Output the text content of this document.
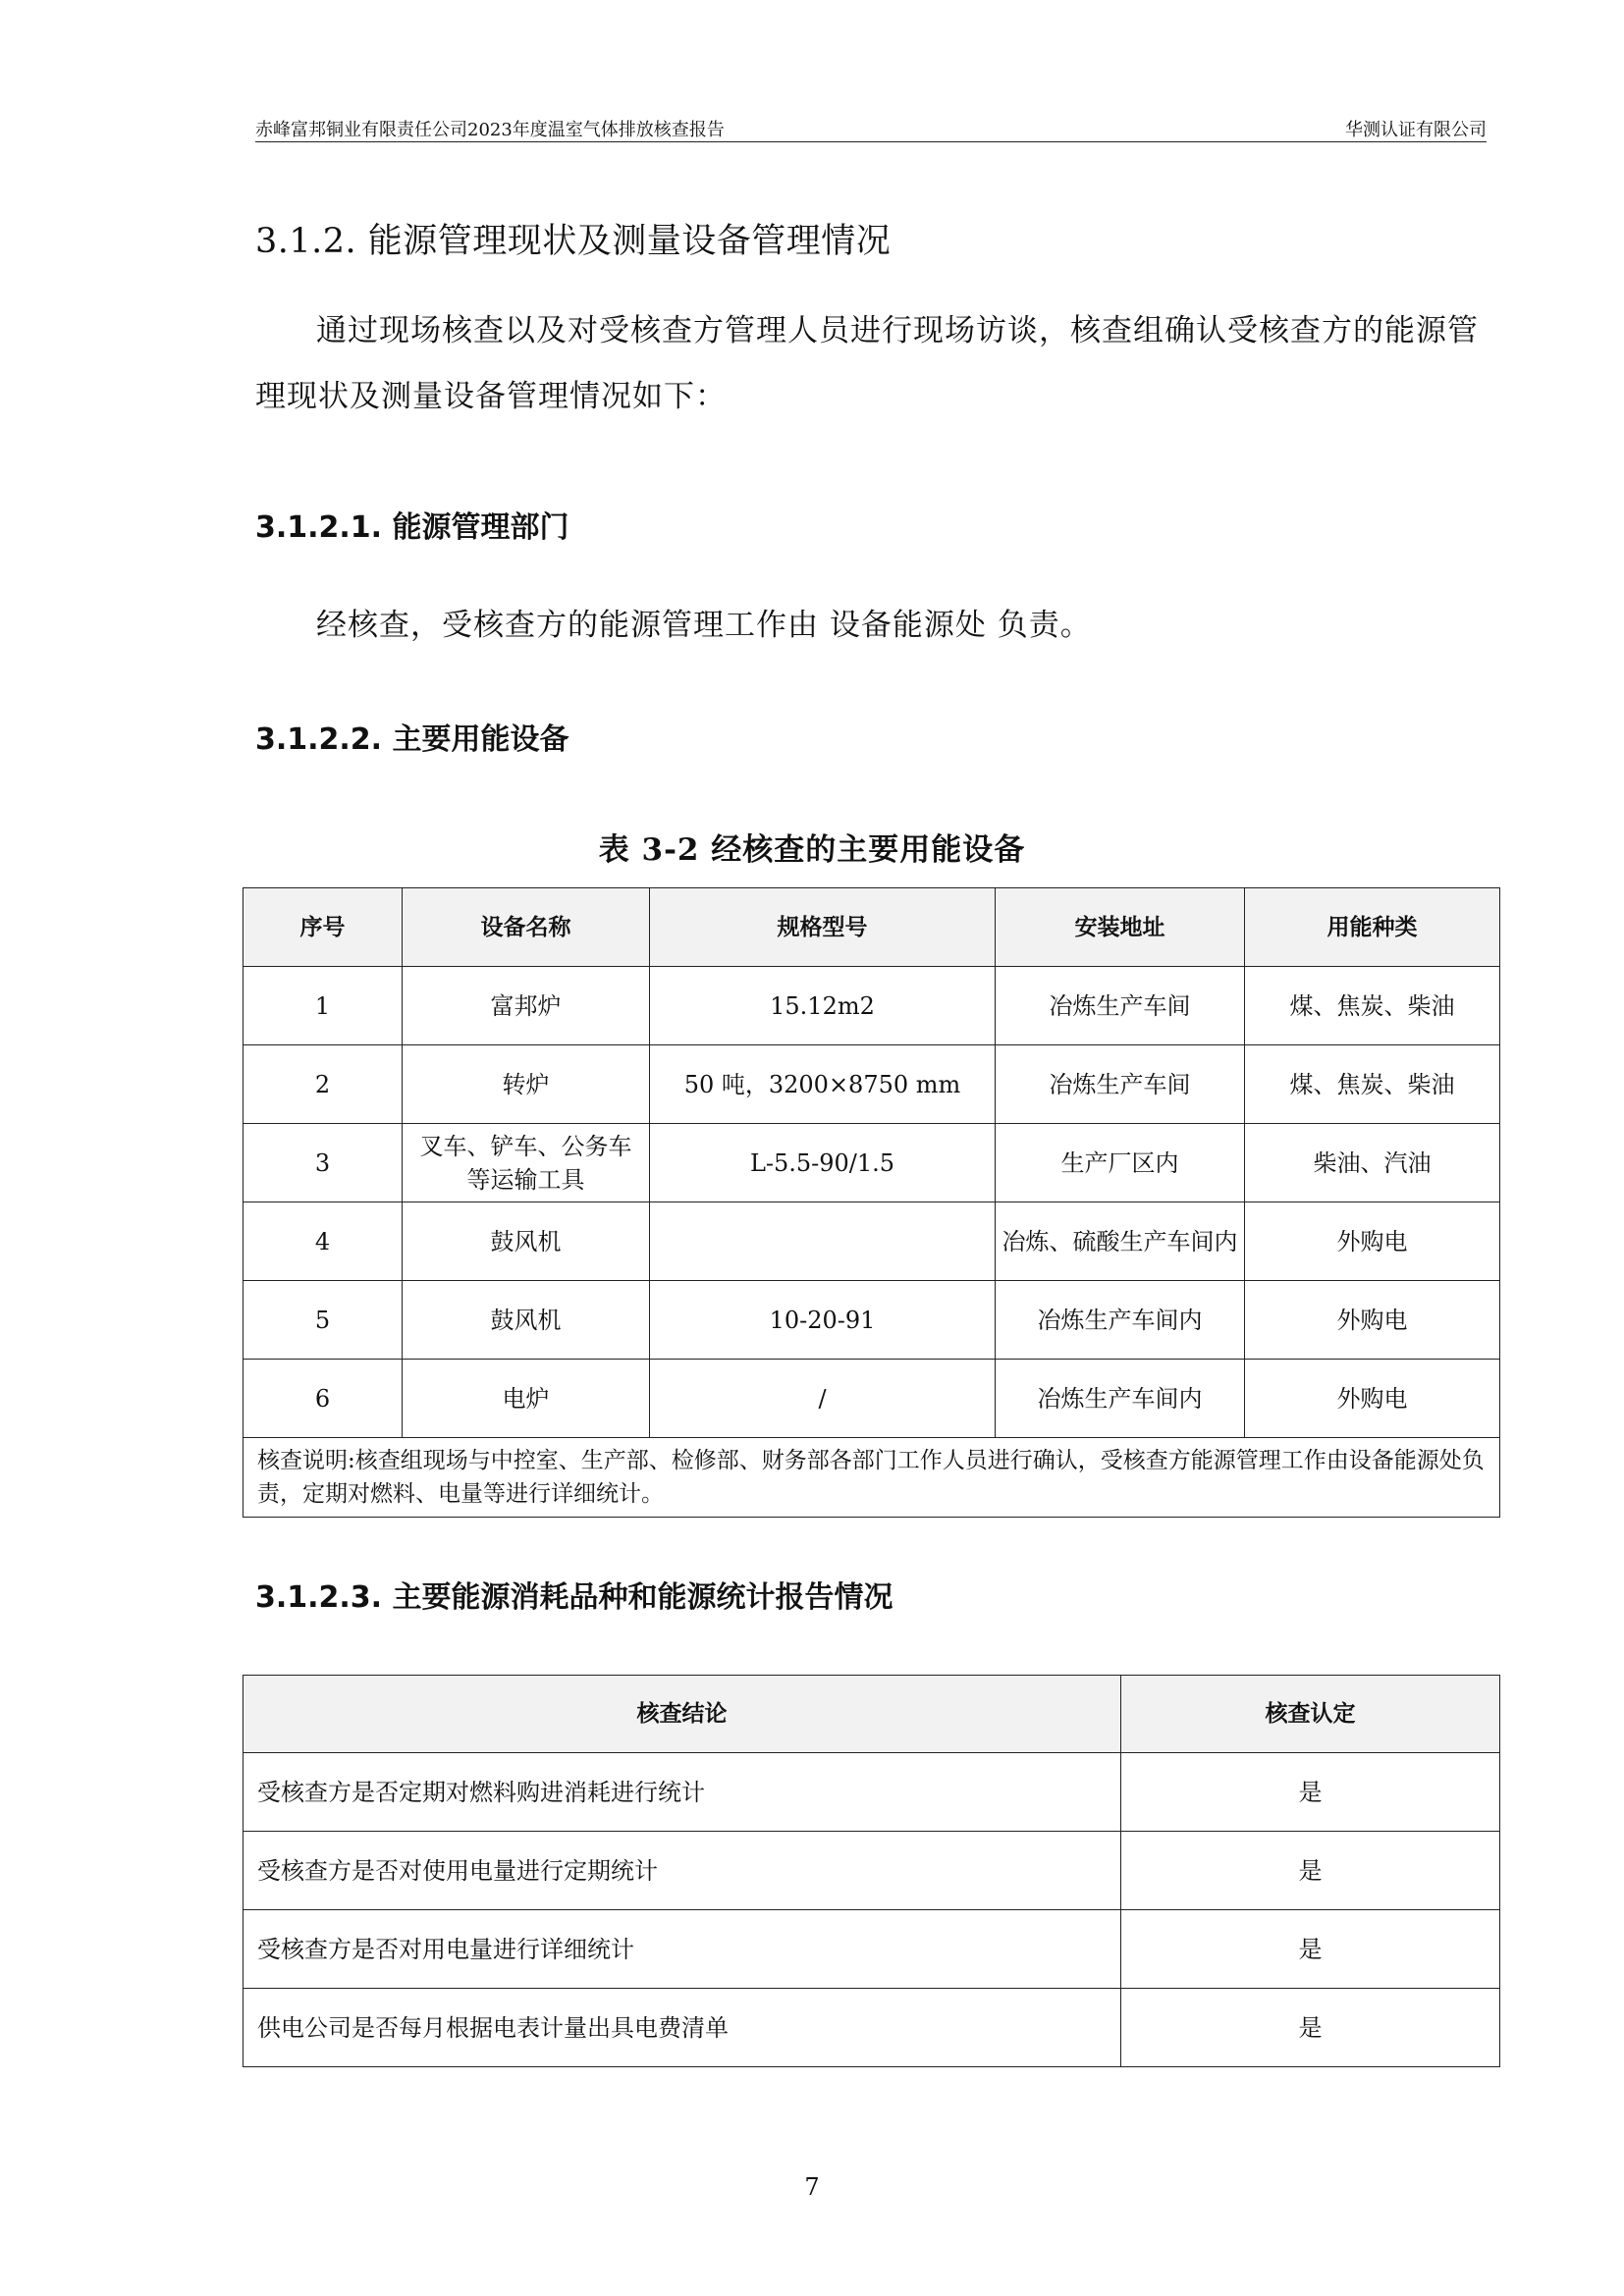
赤峰富邦铜业有限责任公司2023年度温室气体排放核查报告	华测认证有限公司
3.1.2. 能源管理现状及测量设备管理情况
通过现场核查以及对受核查方管理人员进行现场访谈，核查组确认受核查方的能源管理现状及测量设备管理情况如下：
3.1.2.1. 能源管理部门
经核查，受核查方的能源管理工作由 设备能源处 负责。
3.1.2.2. 主要用能设备
表 3-2 经核查的主要用能设备
序号	设备名称	规格型号	安装地址	用能种类
1	富邦炉	15.12m2	冶炼生产车间	煤、焦炭、柴油
2	转炉	50 吨，3200×8750 mm	冶炼生产车间	煤、焦炭、柴油
3	叉车、铲车、公务车等运输工具	L-5.5-90/1.5	生产厂区内	柴油、汽油
4	鼓风机		冶炼、硫酸生产车间内	外购电
5	鼓风机	10-20-91	冶炼生产车间内	外购电
6	电炉	/	冶炼生产车间内	外购电
核查说明:核查组现场与中控室、生产部、检修部、财务部各部门工作人员进行确认，受核查方能源管理工作由设备能源处负责，定期对燃料、电量等进行详细统计。				
3.1.2.3. 主要能源消耗品种和能源统计报告情况
核查结论	核查认定
受核查方是否定期对燃料购进消耗进行统计	是
受核查方是否对使用电量进行定期统计	是
受核查方是否对用电量进行详细统计	是
供电公司是否每月根据电表计量出具电费清单	是
7
